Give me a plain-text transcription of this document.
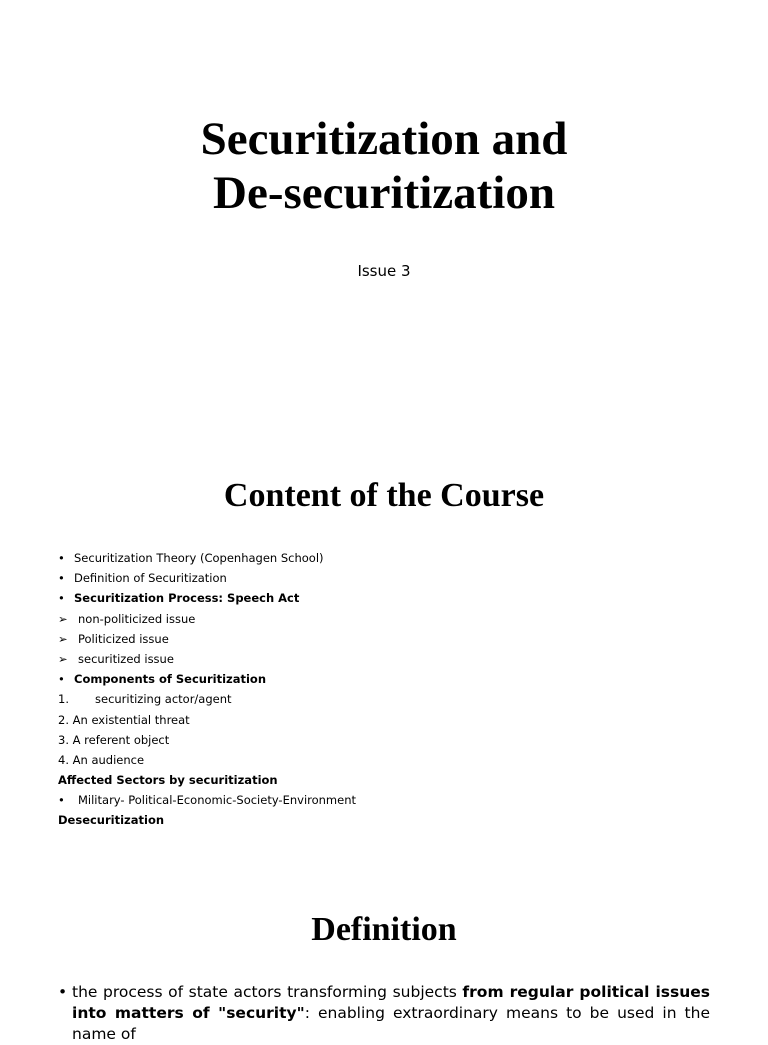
Securitization and
De-securitization
Issue 3
Content of the Course
• Securitization Theory (Copenhagen School)
• Definition of Securitization
• Securitization Process: Speech Act
➢ non-politicized issue
➢ Politicized issue
➢ securitized issue
• Components of Securitization
1. securitizing actor/agent
2. An existential threat
3. A referent object
4. An audience
Affected Sectors by securitization
• Military- Political-Economic-Society-Environment
Desecuritization
Definition
• the process of state actors transforming subjects from regular political issues into matters of "security": enabling extraordinary means to be used in the name of
